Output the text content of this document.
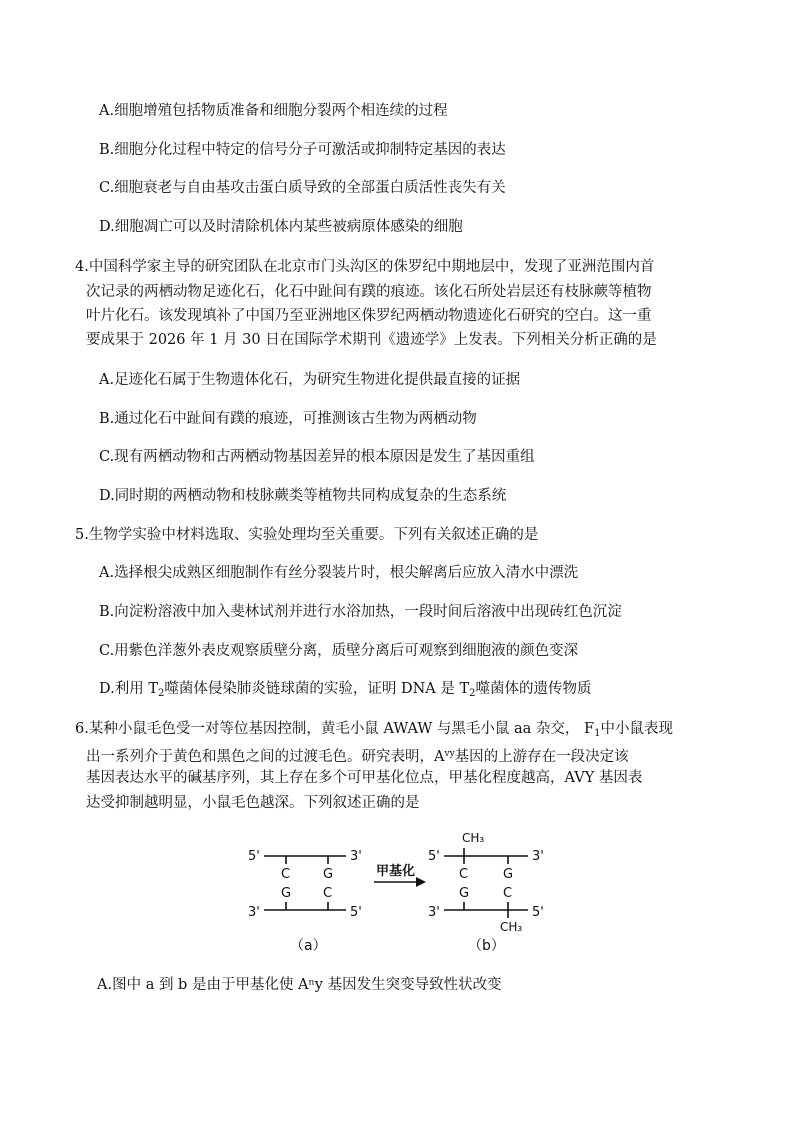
A.细胞增殖包括物质准备和细胞分裂两个相连续的过程
B.细胞分化过程中特定的信号分子可激活或抑制特定基因的表达
C.细胞衰老与自由基攻击蛋白质导致的全部蛋白质活性丧失有关
D.细胞凋亡可以及时清除机体内某些被病原体感染的细胞
4.中国科学家主导的研究团队在北京市门头沟区的侏罗纪中期地层中，发现了亚洲范围内首
次记录的两栖动物足迹化石，化石中趾间有蹼的痕迹。该化石所处岩层还有枝脉蕨等植物
叶片化石。该发现填补了中国乃至亚洲地区侏罗纪两栖动物遗迹化石研究的空白。这一重
要成果于 2026 年 1 月 30 日在国际学术期刊《遗迹学》上发表。下列相关分析正确的是
A.足迹化石属于生物遗体化石，为研究生物进化提供最直接的证据
B.通过化石中趾间有蹼的痕迹，可推测该古生物为两栖动物
C.现有两栖动物和古两栖动物基因差异的根本原因是发生了基因重组
D.同时期的两栖动物和枝脉蕨类等植物共同构成复杂的生态系统
5.生物学实验中材料选取、实验处理均至关重要。下列有关叙述正确的是
A.选择根尖成熟区细胞制作有丝分裂装片时，根尖解离后应放入清水中漂洗
B.向淀粉溶液中加入斐林试剂并进行水浴加热，一段时间后溶液中出现砖红色沉淀
C.用紫色洋葱外表皮观察质壁分离，质壁分离后可观察到细胞液的颜色变深
D.利用 $T_2$噬菌体侵染肺炎链球菌的实验，证明 DNA 是 $T_2$噬菌体的遗传物质
6.某种小鼠毛色受一对等位基因控制，黄毛小鼠 AWAW 与黑毛小鼠 aa 杂交， $F_1$中小鼠表现
出一系列介于黄色和黑色之间的过渡毛色。研究表明，$A^{vy}$基因的上游存在一段决定该
基因表达水平的碱基序列，其上存在多个可甲基化位点，甲基化程度越高，AVY 基因表
达受抑制越明显，小鼠毛色越深。下列叙述正确的是
5'	3'
3'	5'
C	G
G C
（a）
甲基化
CH₃
5'	3'
3'	5'
C	G
G	C
CH₃
（b）
A.图中 a 到 b 是由于甲基化使 Aⁿy 基因发生突变导致性状改变
